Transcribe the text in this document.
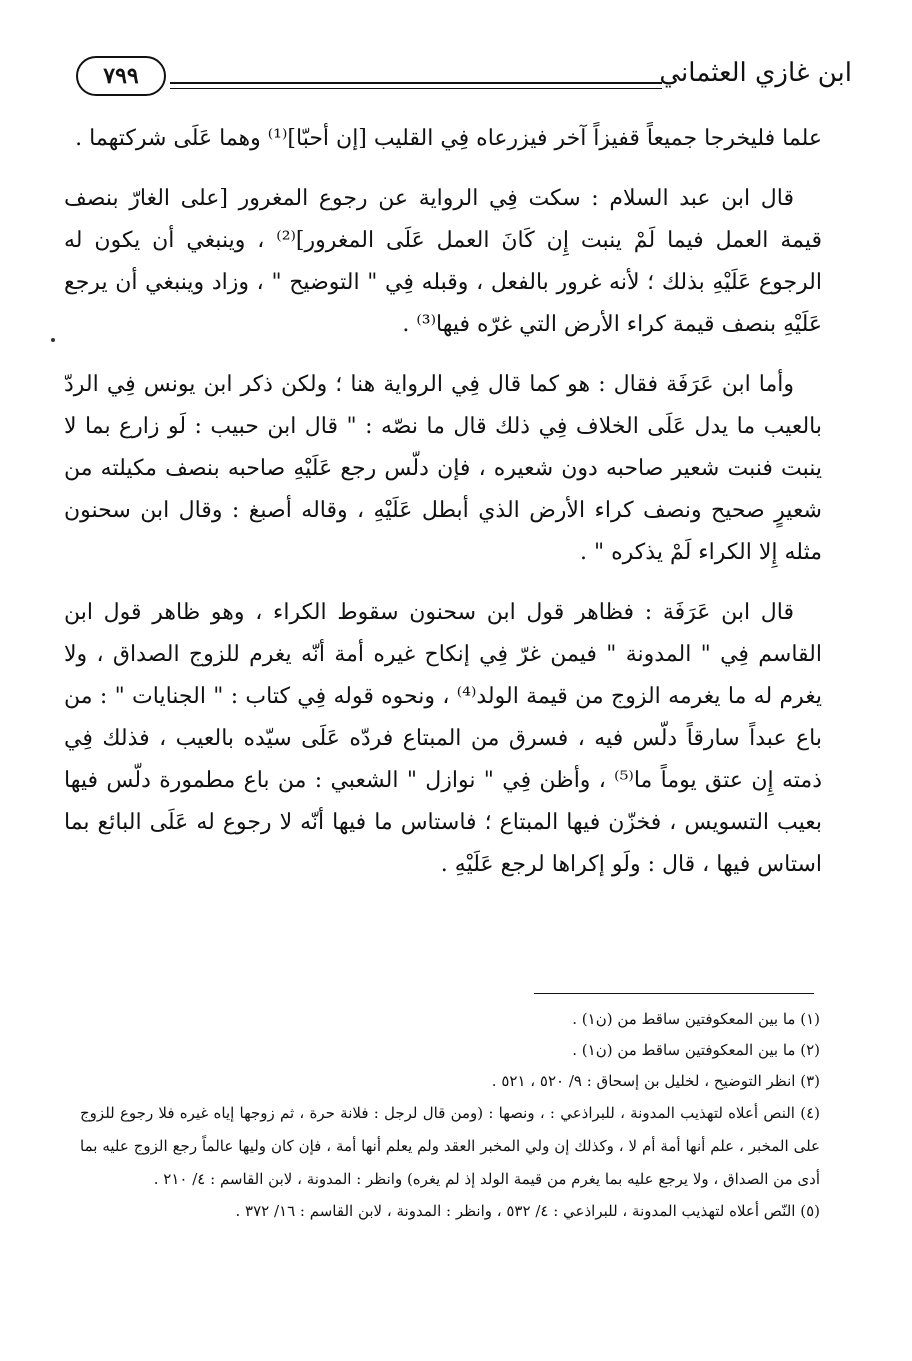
٧٩٩	ابن غازي العثماني

علما فليخرجا جميعاً قفيزاً آخر فيزرعاه فِي القليب [إن أحبّا]⁽¹⁾ وهما عَلَى شركتهما .

قال ابن عبد السلام : سكت فِي الرواية عن رجوع المغرور [على الغارّ بنصف قيمة العمل فيما لَمْ ينبت إِن كَانَ العمل عَلَى المغرور]⁽²⁾ ، وينبغي أن يكون له الرجوع عَلَيْهِ بذلك ؛ لأنه غرور بالفعل ، وقبله فِي " التوضيح " ، وزاد وينبغي أن يرجع عَلَيْهِ بنصف قيمة كراء الأرض التي غرّه فيها⁽³⁾ .

وأما ابن عَرَفَة فقال : هو كما قال فِي الرواية هنا ؛ ولكن ذكر ابن يونس فِي الردّ بالعيب ما يدل عَلَى الخلاف فِي ذلك قال ما نصّه : " قال ابن حبيب : لَو زارع بما لا ينبت فنبت شعير صاحبه دون شعيره ، فإن دلّس رجع عَلَيْهِ صاحبه بنصف مكيلته من شعيرٍ صحيح ونصف كراء الأرض الذي أبطل عَلَيْهِ ، وقاله أصبغ : وقال ابن سحنون مثله إِلا الكراء لَمْ يذكره " .

قال ابن عَرَفَة : فظاهر قول ابن سحنون سقوط الكراء ، وهو ظاهر قول ابن القاسم فِي " المدونة " فيمن غرّ فِي إنكاح غيره أمة أنّه يغرم للزوج الصداق ، ولا يغرم له ما يغرمه الزوج من قيمة الولد⁽⁴⁾ ، ونحوه قوله فِي كتاب : " الجنايات " : من باع عبداً سارقاً دلّس فيه ، فسرق من المبتاع فردّه عَلَى سيّده بالعيب ، فذلك فِي ذمته إِن عتق يوماً ما⁽⁵⁾ ، وأظن فِي " نوازل " الشعبي : من باع مطمورة دلّس فيها بعيب التسويس ، فخزّن فيها المبتاع ؛ فاستاس ما فيها أنّه لا رجوع له عَلَى البائع بما استاس فيها ، قال : ولَو إكراها لرجع عَلَيْهِ .

(١) ما بين المعكوفتين ساقط من (ن١) .

(٢) ما بين المعكوفتين ساقط من (ن١) .

(٣) انظر التوضيح ، لخليل بن إسحاق : ٩/ ٥٢٠ ، ٥٢١ .

(٤) النص أعلاه لتهذيب المدونة ، للبراذعي : ، ونصها : (ومن قال لرجل : فلانة حرة ، ثم زوجها إياه غيره فلا رجوع للزوج على المخبر ، علم أنها أمة أم لا ، وكذلك إن ولي المخبر العقد ولم يعلم أنها أمة ، فإن كان وليها عالماً رجع الزوج عليه بما أدى من الصداق ، ولا يرجع عليه بما يغرم من قيمة الولد إذ لم يغره) وانظر : المدونة ، لابن القاسم : ٤/ ٢١٠ .

(٥) النّص أعلاه لتهذيب المدونة ، للبراذعي : ٤/ ٥٣٢ ، وانظر : المدونة ، لابن القاسم : ١٦/ ٣٧٢ .
